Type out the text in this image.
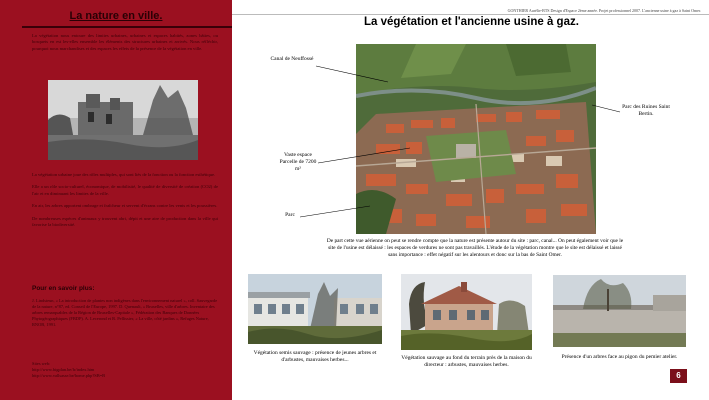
La nature en ville.

La végétation nous entoure des limites urbaines, urbaines et espaces habités, zones bâties, ou bosquets en est les-elles ensemble les éléments des structures urbaines et arrivés. Nous réfléchir, pourquoi nous marchandises et des espaces les effets de la présence de la végétation en ville.

La végétation urbaine joue des rôles multiples, qui sont liés de la fonction ou la fonction esthétique.

Elle a un rôle socio-culturel, économique, de mobilisité, le qualité de diversité de création (CO2) de l'air et en diminuant les limites de la ville.

En air, les arbres apportent ombrage et fraîcheur et servent d'écrans contre les vents et les poussières.

De nombreuses espèces d'animaux y trouvent abri, dépit et une aire de production dans la ville qui favorise la biodiversité.

Pour en savoir plus:
J. Lindsteun, « La introduction de plantes non indigènes dans l'environnement naturel », coll. Sauvegarde de la nature, n°87, ed. Conseil de l'Europe, 1997. D. Quenault, « Bruxelles, ville d'arbres. Inventaire des arbres remarquables de la Région de Bruxelles-Capitale », Fédération des Banques de Données Phytogéographiques (FBDP). A. Lecerond et R. Pellissier, « La ville, côté jardins », Refuges Nature, RNOB, 1991.
Sites web:
http://www.bigplan.be/fr/index.htm
http://www.vallsasse.be/home.php?SB=B
GONTHIER Aurélie-BTS Design d'Espace 2ème année. Projet professionnel 2007. L'ancienne usine à gaz à Saint Omer.
La végétation et l'ancienne usine à gaz.
Canal de Neuffossé
Parc des Ruines Saint Bertin.
Vaste espace Parcelle de 7200 m²
Parc
De part cette vue aérienne on peut se rendre compte que la nature est présente autour du site : parc, canal... On peut également voir que le site de l'usine est délaissé : les espaces de verdures ne sont pas travaillés. L'étude de la végétation montre que le site est délaissé et laissé sans importance : effet négatif sur les alentours et donc sur la bas de Saint Omer.
Végétation semis sauvage : présence de jeunes arbres et d'arbustes, mauvaises herbes...	Végétation sauvage au fond du terrain près de la maison du directeur : arbustes, mauvaises herbes.
Présence d'un arbres face au pigon du pemier atelier.
6
